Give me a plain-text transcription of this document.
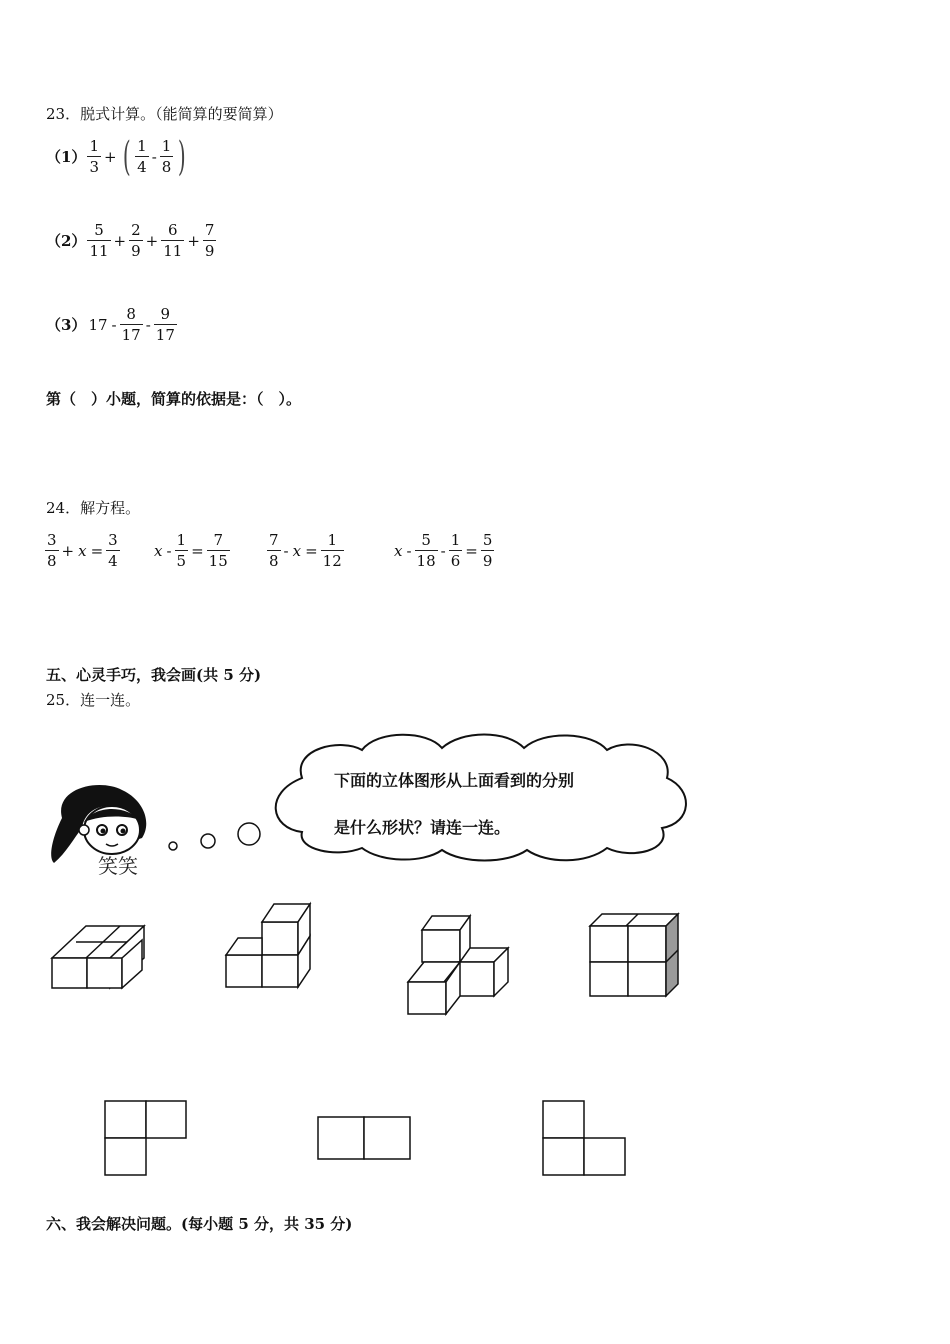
23．脱式计算。（能简算的要简算）
$(1) \frac{1}{3}$ + ( $\frac{1}{4} - \frac{1}{8}$ )
$(2) \frac{5}{11} + \frac{2}{9} + \frac{6}{11} + \frac{7}{9}$
（3） $17 - \frac{8}{17} - \frac{9}{17}$
第（　）小题，简算的依据是：（　）。
24．解方程。
$\frac{3}{8} + x = \frac{3}{4}$ $x - \frac{1}{5} = \frac{7}{15} \frac{7}{8} - x = \frac{1}{12}$	$x - \frac{5}{18} - \frac{1}{6} = \frac{5}{9}$
五、心灵手巧，我会画(共 5 分)
25．连一连。
笑笑
下面的立体图形从上面看到的分别
是什么形状？请连一连。
六、我会解决问题。(每小题 5 分，共 35 分)
